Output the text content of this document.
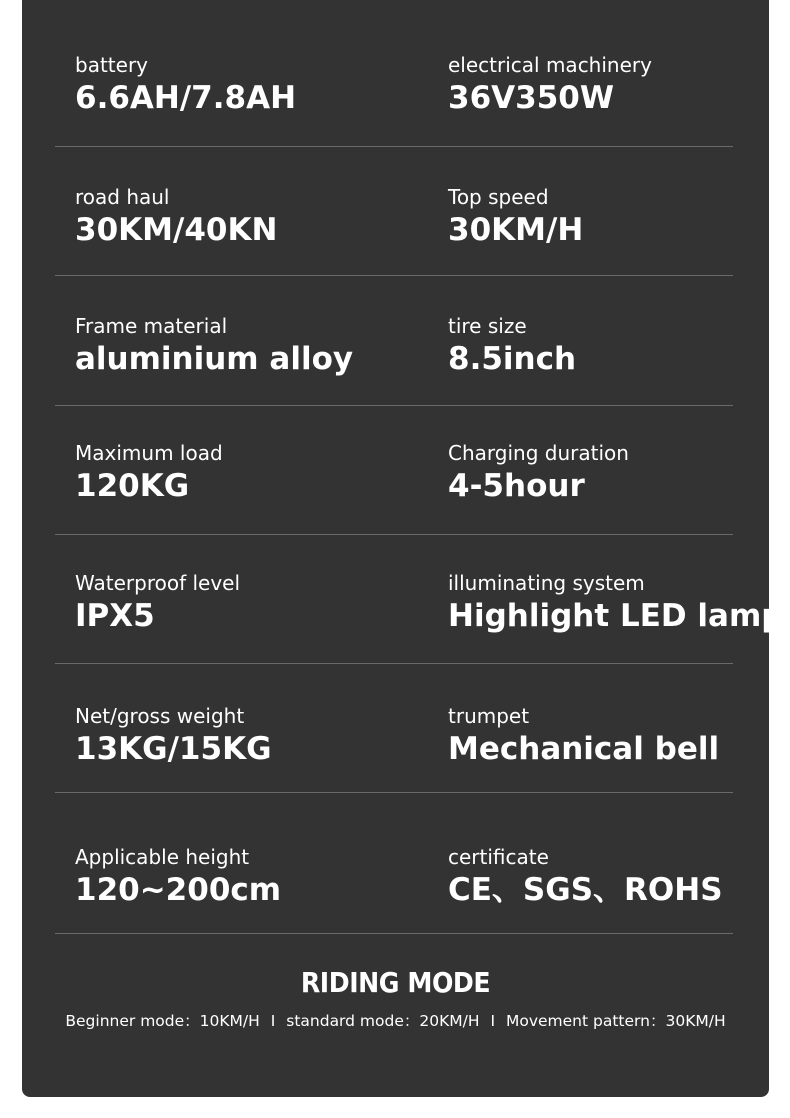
battery
6.6AH/7.8AH
electrical machinery
36V350W
road haul
30KM/40KN
Top speed
30KM/H
Frame material
aluminium alloy
tire size
8.5inch
Maximum load
120KG
Charging duration
4-5hour
Waterproof level
IPX5
illuminating system
Highlight LED lamp
Net/gross weight
13KG/15KG
trumpet
Mechanical bell
Applicable height
120~200cm
certificate
CE、SGS、ROHS
RIDING MODE
Beginner mode：10KM/H I standard mode：20KM/H I Movement pattern：30KM/H
